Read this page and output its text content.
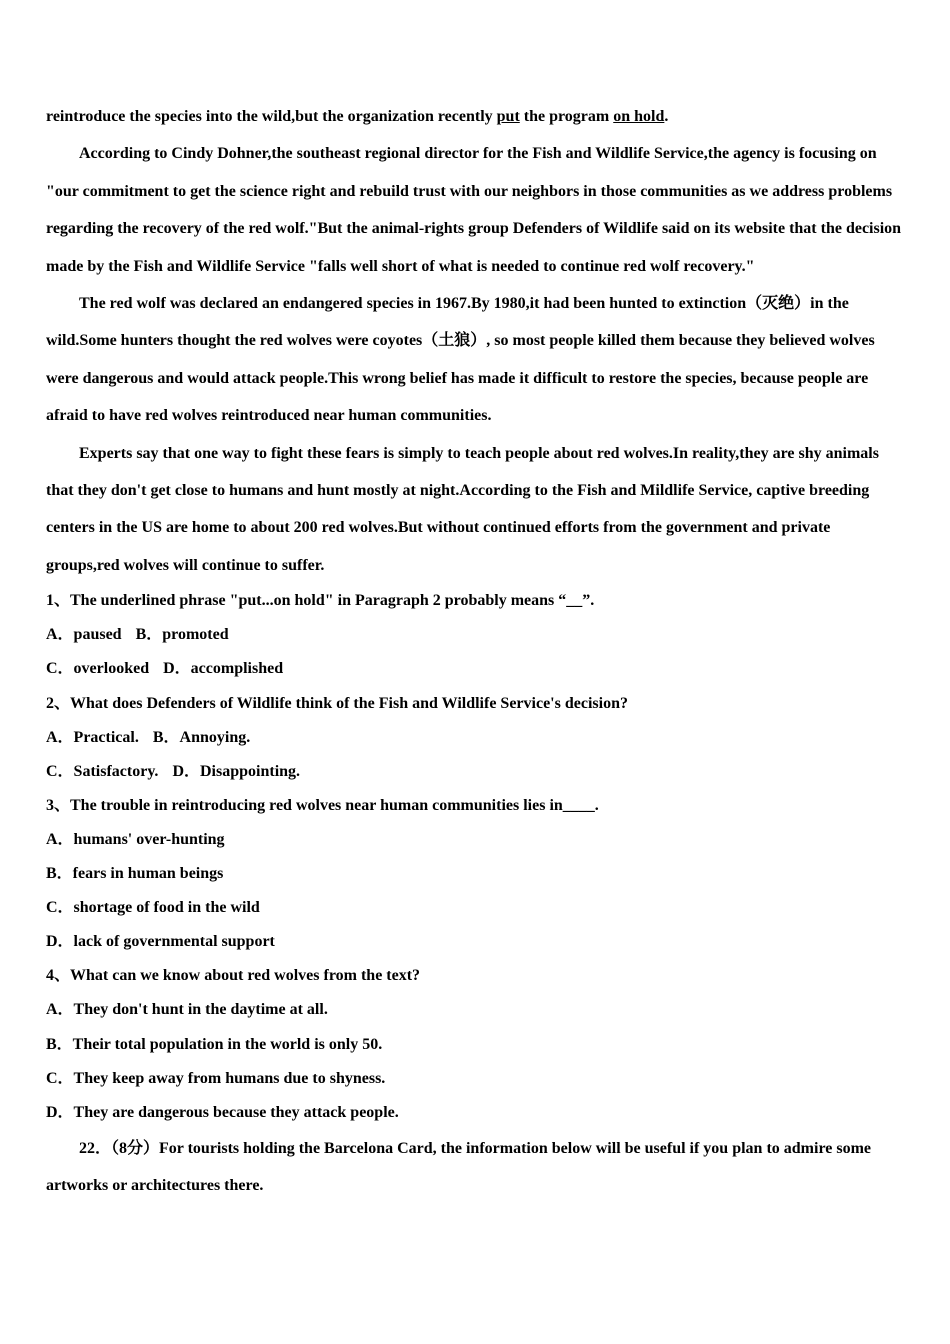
reintroduce the species into the wild,but the organization recently put the program on hold.

According to Cindy Dohner,the southeast regional director for the Fish and Wildlife Service,the agency is focusing on "our commitment to get the science right and rebuild trust with our neighbors in those communities as we address problems regarding the recovery of the red wolf."But the animal-rights group Defenders of Wildlife said on its website that the decision made by the Fish and Wildlife Service "falls well short of what is needed to continue red wolf recovery."

The red wolf was declared an endangered species in 1967.By 1980,it had been hunted to extinction（灭绝）in the wild.Some hunters thought the red wolves were coyotes（土狼）, so most people killed them because they believed wolves were dangerous and would attack people.This wrong belief has made it difficult to restore the species, because people are afraid to have red wolves reintroduced near human communities.

Experts say that one way to fight these fears is simply to teach people about red wolves.In reality,they are shy animals that they don't get close to humans and hunt mostly at night.According to the Fish and Mildlife Service, captive breeding centers in the US are home to about 200 red wolves.But without continued efforts from the government and private groups,red wolves will continue to suffer.

1、The underlined phrase "put...on hold" in Paragraph 2 probably means “__”.

A．paused B．promoted

C．overlooked D．accomplished

2、What does Defenders of Wildlife think of the Fish and Wildlife Service's decision?

A．Practical. B．Annoying.

C．Satisfactory. D．Disappointing.

3、The trouble in reintroducing red wolves near human communities lies in____.

A．humans' over-hunting

B．fears in human beings

C．shortage of food in the wild

D．lack of governmental support

4、What can we know about red wolves from the text?

A．They don't hunt in the daytime at all.

B．Their total population in the world is only 50.

C．They keep away from humans due to shyness.

D．They are dangerous because they attack people.

22．（8分）For tourists holding the Barcelona Card, the information below will be useful if you plan to admire some artworks or architectures there.
